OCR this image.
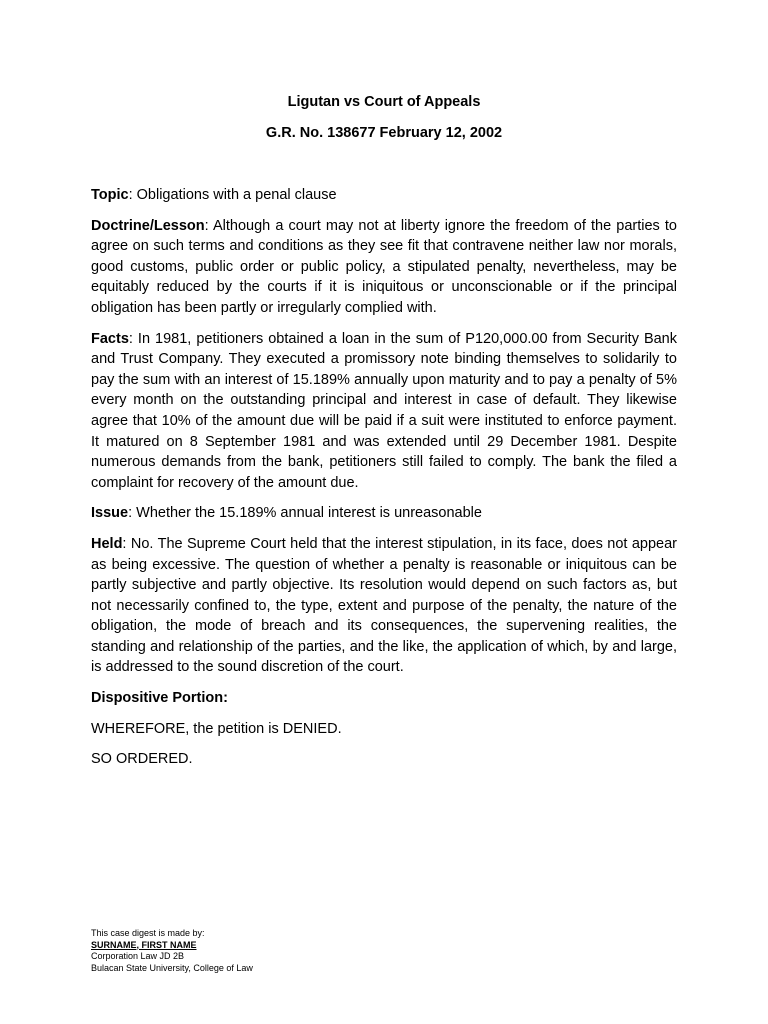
Ligutan vs Court of Appeals
G.R. No. 138677 February 12, 2002

Topic: Obligations with a penal clause

Doctrine/Lesson: Although a court may not at liberty ignore the freedom of the parties to agree on such terms and conditions as they see fit that contravene neither law nor morals, good customs, public order or public policy, a stipulated penalty, nevertheless, may be equitably reduced by the courts if it is iniquitous or unconscionable or if the principal obligation has been partly or irregularly complied with.

Facts: In 1981, petitioners obtained a loan in the sum of P120,000.00 from Security Bank and Trust Company. They executed a promissory note binding themselves to solidarily to pay the sum with an interest of 15.189% annually upon maturity and to pay a penalty of 5% every month on the outstanding principal and interest in case of default. They likewise agree that 10% of the amount due will be paid if a suit were instituted to enforce payment. It matured on 8 September 1981 and was extended until 29 December 1981. Despite numerous demands from the bank, petitioners still failed to comply. The bank the filed a complaint for recovery of the amount due.

Issue: Whether the 15.189% annual interest is unreasonable

Held: No. The Supreme Court held that the interest stipulation, in its face, does not appear as being excessive. The question of whether a penalty is reasonable or iniquitous can be partly subjective and partly objective. Its resolution would depend on such factors as, but not necessarily confined to, the type, extent and purpose of the penalty, the nature of the obligation, the mode of breach and its consequences, the supervening realities, the standing and relationship of the parties, and the like, the application of which, by and large, is addressed to the sound discretion of the court.

Dispositive Portion:

WHEREFORE, the petition is DENIED.

SO ORDERED.

This case digest is made by:
SURNAME, FIRST NAME
Corporation Law JD 2B
Bulacan State University, College of Law
